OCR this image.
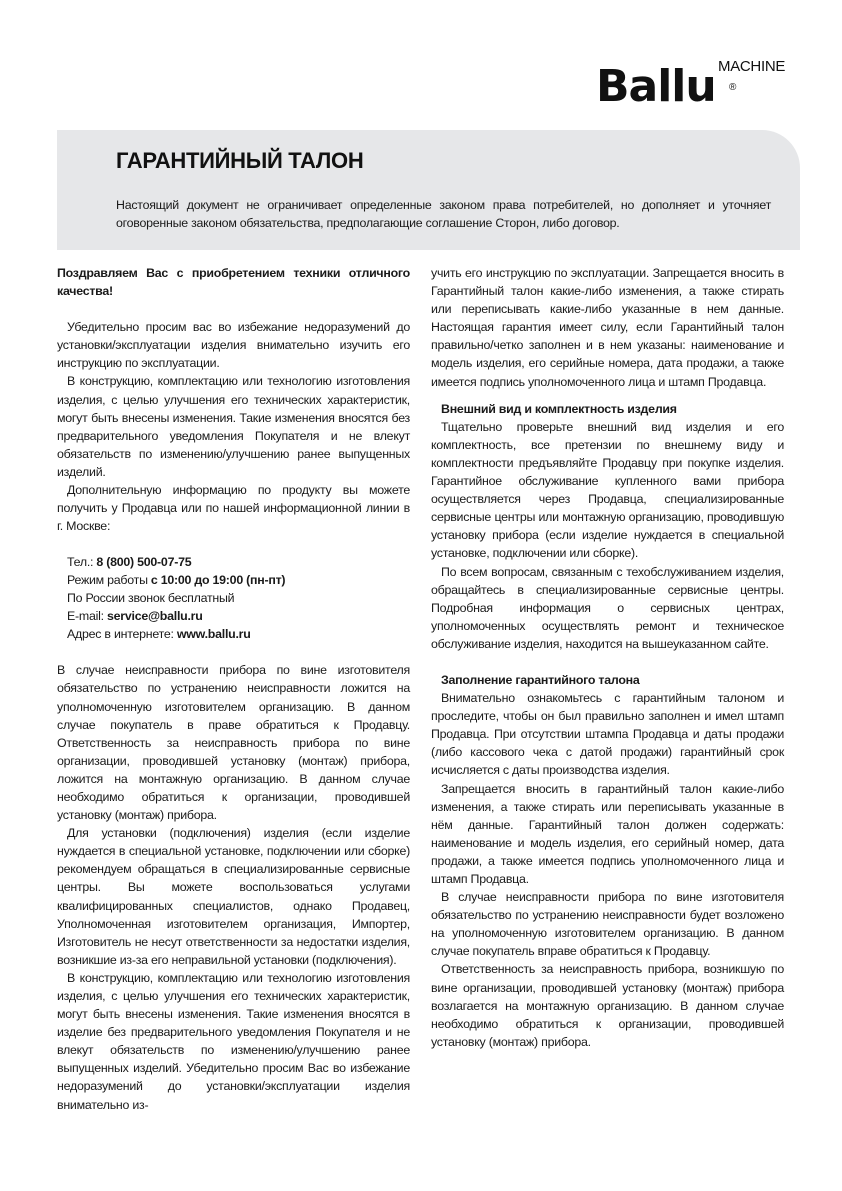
Ballu MACHINE
®
ГАРАНТИЙНЫЙ ТАЛОН

Настоящий документ не ограничивает определенные законом права потребителей, но дополняет и уточняет оговоренные законом обязательства, предполагающие соглашение Сторон, либо договор.

Поздравляем Вас с приобретением техники отличного качества!

Убедительно просим вас во избежание недоразумений до установки/эксплуатации изделия внимательно изучить его инструкцию по эксплуатации.

В конструкцию, комплектацию или технологию изготовления изделия, с целью улучшения его технических характеристик, могут быть внесены изменения. Такие изменения вносятся без предварительного уведомления Покупателя и не влекут обязательств по изменению/улучшению ранее выпущенных изделий.

Дополнительную информацию по продукту вы можете получить у Продавца или по нашей информационной линии в г. Москве:

Тел.: 8 (800) 500-07-75
Режим работы с 10:00 до 19:00 (пн-пт)
По России звонок бесплатный
E-mail: service@ballu.ru
Адрес в интернете: www.ballu.ru

В случае неисправности прибора по вине изготовителя обязательство по устранению неисправности ложится на уполномоченную изготовителем организацию. В данном случае покупатель в праве обратиться к Продавцу. Ответственность за неисправность прибора по вине организации, проводившей установку (монтаж) прибора, ложится на монтажную организацию. В данном случае необходимо обратиться к организации, проводившей установку (монтаж) прибора.

Для установки (подключения) изделия (если изделие нуждается в специальной установке, подключении или сборке) рекомендуем обращаться в специализированные сервисные центры. Вы можете воспользоваться услугами квалифицированных специалистов, однако Продавец, Уполномоченная изготовителем организация, Импортер, Изготовитель не несут ответственности за недостатки изделия, возникшие из-за его неправильной установки (подключения).

В конструкцию, комплектацию или технологию изготовления изделия, с целью улучшения его технических характеристик, могут быть внесены изменения. Такие изменения вносятся в изделие без предварительного уведомления Покупателя и не влекут обязательств по изменению/улучшению ранее выпущенных изделий. Убедительно просим Вас во избежание недоразумений до установки/эксплуатации изделия внимательно из-

учить его инструкцию по эксплуатации. Запрещается вносить в Гарантийный талон какие-либо изменения, а также стирать или переписывать какие-либо указанные в нем данные. Настоящая гарантия имеет силу, если Гарантийный талон правильно/четко заполнен и в нем указаны: наименование и модель изделия, его серийные номера, дата продажи, а также имеется подпись уполномоченного лица и штамп Продавца.

Внешний вид и комплектность изделия

Тщательно проверьте внешний вид изделия и его комплектность, все претензии по внешнему виду и комплектности предъявляйте Продавцу при покупке изделия. Гарантийное обслуживание купленного вами прибора осуществляется через Продавца, специализированные сервисные центры или монтажную организацию, проводившую установку прибора (если изделие нуждается в специальной установке, подключении или сборке).

По всем вопросам, связанным с техобслуживанием изделия, обращайтесь в специализированные сервисные центры. Подробная информация о сервисных центрах, уполномоченных осуществлять ремонт и техническое обслуживание изделия, находится на вышеуказанном сайте.

Заполнение гарантийного талона

Внимательно ознакомьтесь с гарантийным талоном и проследите, чтобы он был правильно заполнен и имел штамп Продавца. При отсутствии штампа Продавца и даты продажи (либо кассового чека с датой продажи) гарантийный срок исчисляется с даты производства изделия.

Запрещается вносить в гарантийный талон какие-либо изменения, а также стирать или переписывать указанные в нём данные. Гарантийный талон должен содержать: наименование и модель изделия, его серийный номер, дата продажи, а также имеется подпись уполномоченного лица и штамп Продавца.

В случае неисправности прибора по вине изготовителя обязательство по устранению неисправности будет возложено на уполномоченную изготовителем организацию. В данном случае покупатель вправе обратиться к Продавцу.

Ответственность за неисправность прибора, возникшую по вине организации, проводившей установку (монтаж) прибора возлагается на монтажную организацию. В данном случае необходимо обратиться к организации, проводившей установку (монтаж) прибора.
